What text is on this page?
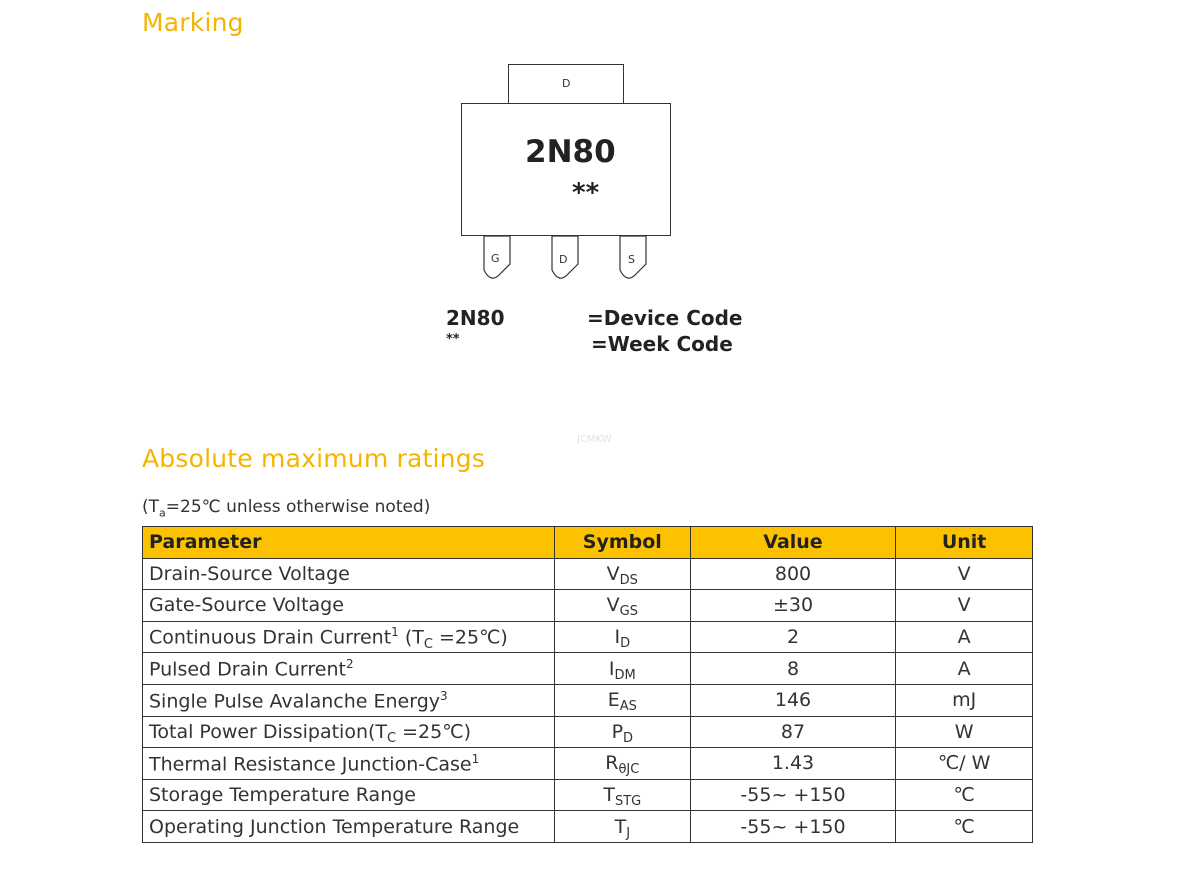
Marking
D
2N80
**
G	D	S
2N80
**
=Device Code
=Week Code
JCMKW
Absolute maximum ratings
($T_a=25℃$ unless otherwise noted)
Parameter	Symbol	Value	Unit
Drain-Source Voltage	$V_{DS}$	800	V
Gate-Source Voltage	$V_{GS}$	±30	V
Continuous Drain Current$^1$ ($T_C$ =25℃)	$I_D$	2	A
Pulsed Drain Current$^2$	$I_{DM}$	8	A
Single Pulse Avalanche Energy$^3$	$E_{AS}$	146	mJ
Total Power $Dissipation(T_C$ =25℃)	$P_D$	87	W
Thermal Resistance Junction-Case$^1$	$R_{\theta JC}$	1.43	℃/ W
Storage Temperature Range	$T_{STG}$	-55~ +150	℃
Operating Junction Temperature Range	$T_J$	-55~ +150	℃
